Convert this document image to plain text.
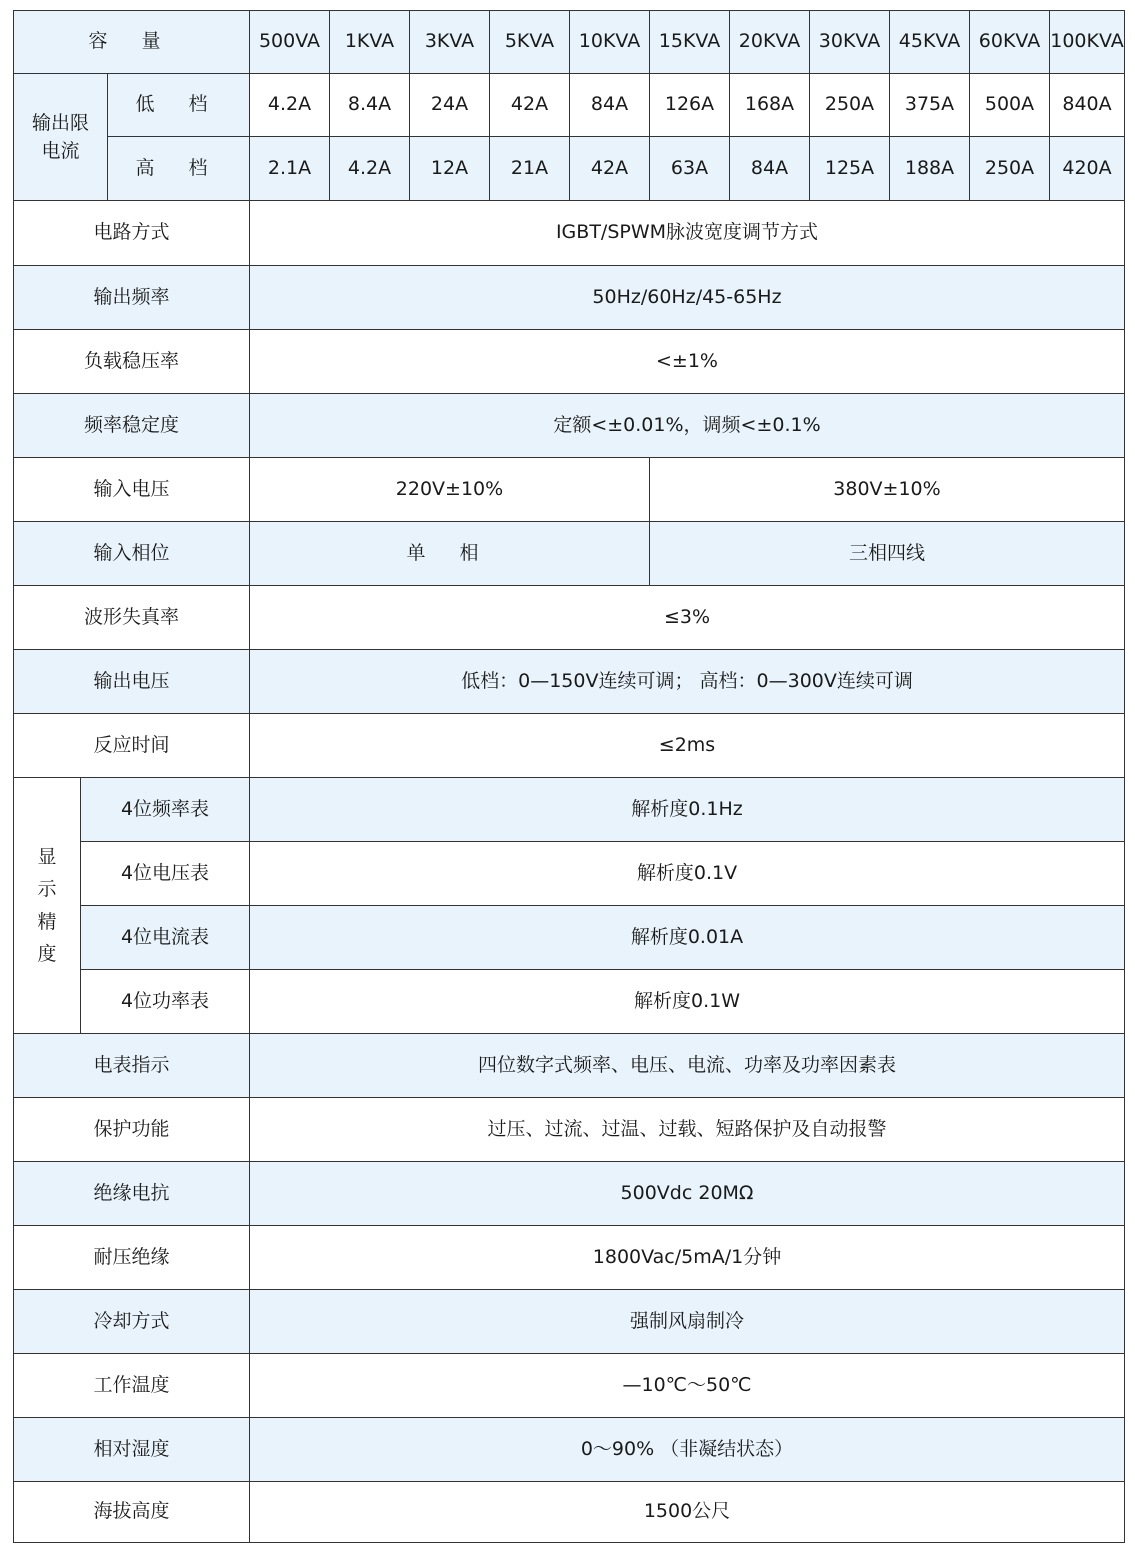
容 量			500VA	1KVA	3KVA	5KVA	10KVA	15KVA	20KVA	30KVA	45KVA	60KVA	100KVA
输出限电流		低 档	4.2A	8.4A	24A	42A	84A	126A	168A	250A	375A	500A	840A
		高 档	2.1A	4.2A	12A	21A	42A	63A	84A	125A	188A	250A	420A
电路方式			IGBT/SPWM脉波宽度调节方式										
输出频率			50Hz/60Hz/45-65Hz										
负载稳压率			<±1%										
频率稳定度			定额<±0.01%，调频<±0.1%										
输入电压			220V±10%					380V±10%					
输入相位			单 相					三相四线					
波形失真率			≤3%										
输出电压			低档：0—150V连续可调； 高档：0—300V连续可调										
反应时间			≤2ms										
显示精度	4位频率表		解析度0.1Hz										
	4位电压表		解析度0.1V										
	4位电流表		解析度0.01A										
	4位功率表		解析度0.1W										
电表指示			四位数字式频率、电压、电流、功率及功率因素表										
保护功能			过压、过流、过温、过载、短路保护及自动报警										
绝缘电抗			500Vdc 20MΩ										
耐压绝缘			1800Vac/5mA/1分钟										
冷却方式			强制风扇制冷										
工作温度			—10℃～50℃										
相对湿度			0～90% （非凝结状态）										
海拔高度			1500公尺										
